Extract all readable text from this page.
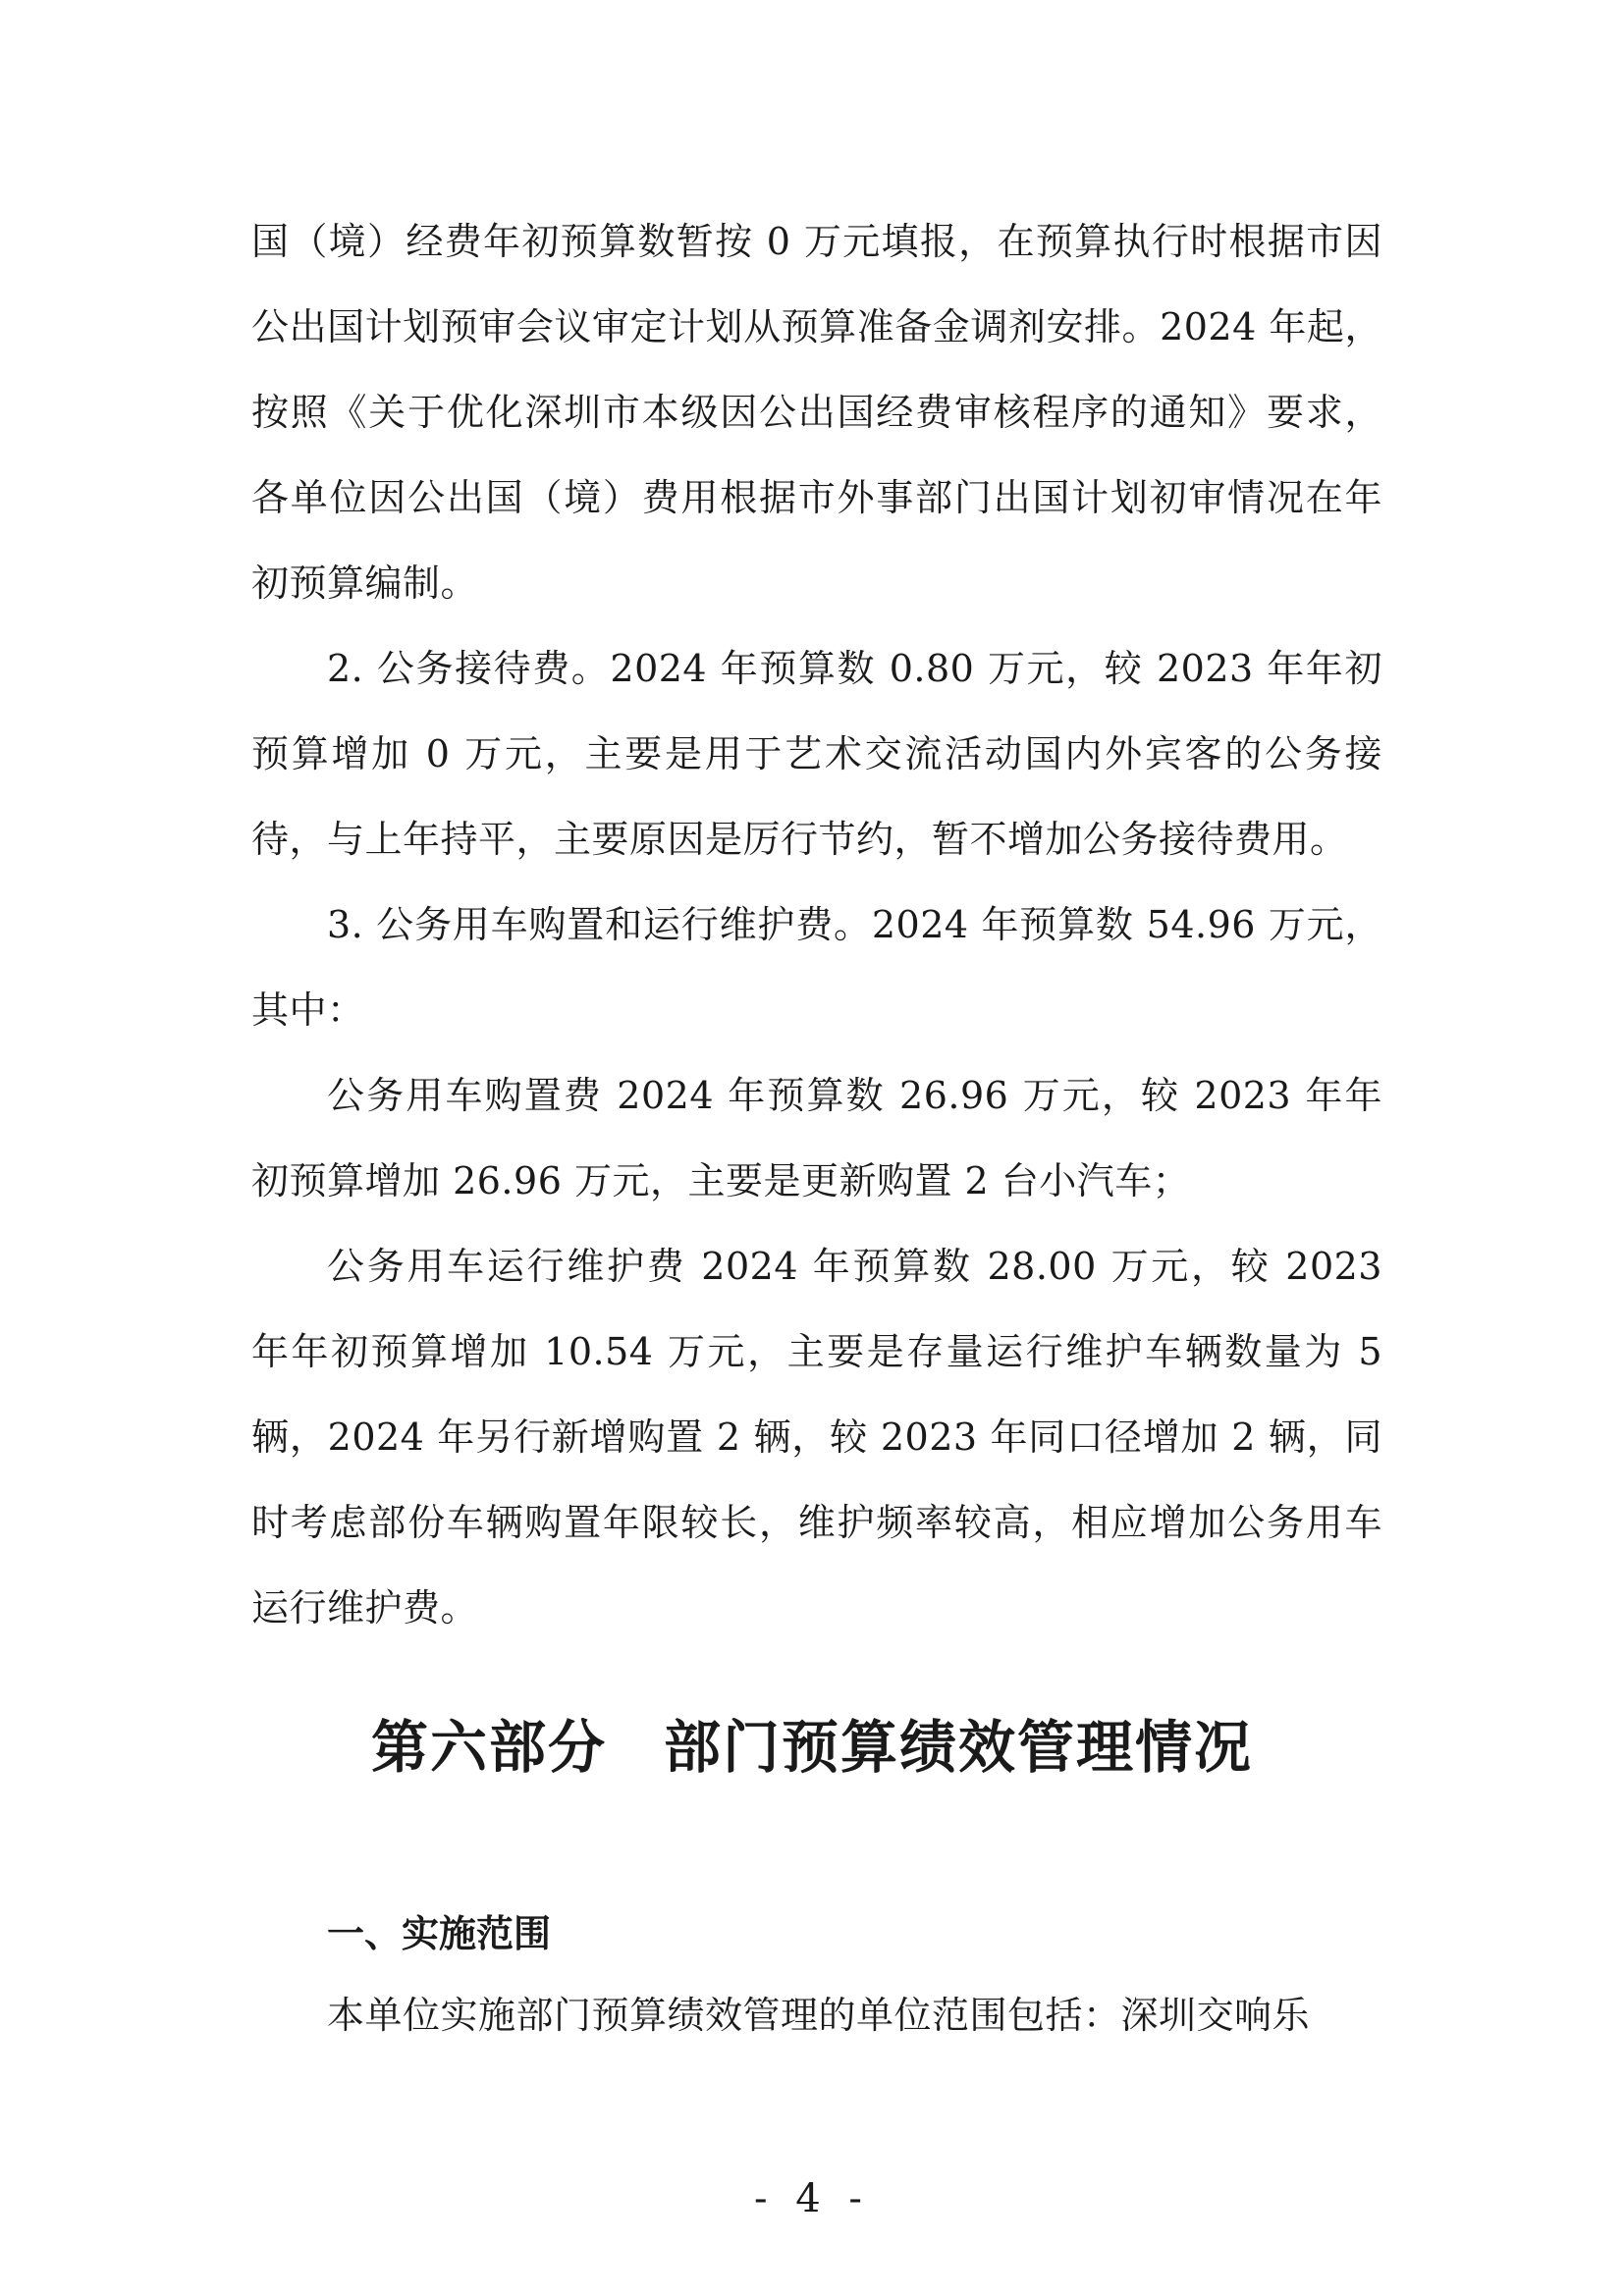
国（境）经费年初预算数暂按 0 万元填报，在预算执行时根据市因公出国计划预审会议审定计划从预算准备金调剂安排。2024 年起，按照《关于优化深圳市本级因公出国经费审核程序的通知》要求，各单位因公出国（境）费用根据市外事部门出国计划初审情况在年初预算编制。

2. 公务接待费。2024 年预算数 0.80 万元，较 2023 年年初预算增加 0 万元，主要是用于艺术交流活动国内外宾客的公务接待，与上年持平，主要原因是厉行节约，暂不增加公务接待费用。

3. 公务用车购置和运行维护费。2024 年预算数 54.96 万元，其中：

公务用车购置费 2024 年预算数 26.96 万元，较 2023 年年初预算增加 26.96 万元，主要是更新购置 2 台小汽车；

公务用车运行维护费 2024 年预算数 28.00 万元，较 2023 年年初预算增加 10.54 万元，主要是存量运行维护车辆数量为 5 辆，2024 年另行新增购置 2 辆，较 2023 年同口径增加 2 辆，同时考虑部份车辆购置年限较长，维护频率较高，相应增加公务用车运行维护费。

第六部分 部门预算绩效管理情况
一、实施范围

本单位实施部门预算绩效管理的单位范围包括：深圳交响乐

- 4 -
